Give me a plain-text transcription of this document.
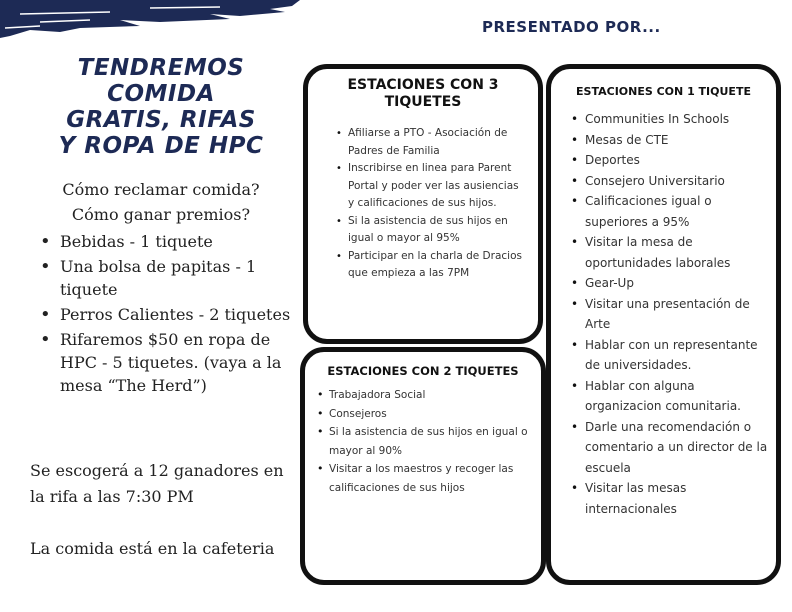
PRESENTADO POR...
TENDREMOS
COMIDA
GRATIS, RIFAS
Y ROPA DE HPC
Cómo reclamar comida?
Cómo ganar premios?
• Bebidas - 1 tiquete
• Una bolsa de papitas - 1 tiquete
• Perros Calientes - 2 tiquetes
• Rifaremos $50 en ropa de HPC - 5 tiquetes. (vaya a la mesa “The Herd”)
Se escogerá a 12 ganadores en la rifa a las 7:30 PM
La comida está en la cafeteria
ESTACIONES CON 3 TIQUETES
• Afiliarse a PTO - Asociación de Padres de Familia
• Inscribirse en linea para Parent Portal y poder ver las ausiencias y calificaciones de sus hijos.
• Si la asistencia de sus hijos en igual o mayor al 95%
• Participar en la charla de Dracios que empieza a las 7PM
ESTACIONES CON 2 TIQUETES
• Trabajadora Social
• Consejeros
• Si la asistencia de sus hijos en igual o mayor al 90%
• Visitar a los maestros y recoger las calificaciones de sus hijos
ESTACIONES CON 1 TIQUETE
• Communities In Schools
• Mesas de CTE
• Deportes
• Consejero Universitario
• Calificaciones igual o superiores a 95%
• Visitar la mesa de oportunidades laborales
• Gear-Up
• Visitar una presentación de Arte
• Hablar con un representante de universidades.
• Hablar con alguna organizacion comunitaria.
• Darle una recomendación o comentario a un director de la escuela
• Visitar las mesas internacionales
